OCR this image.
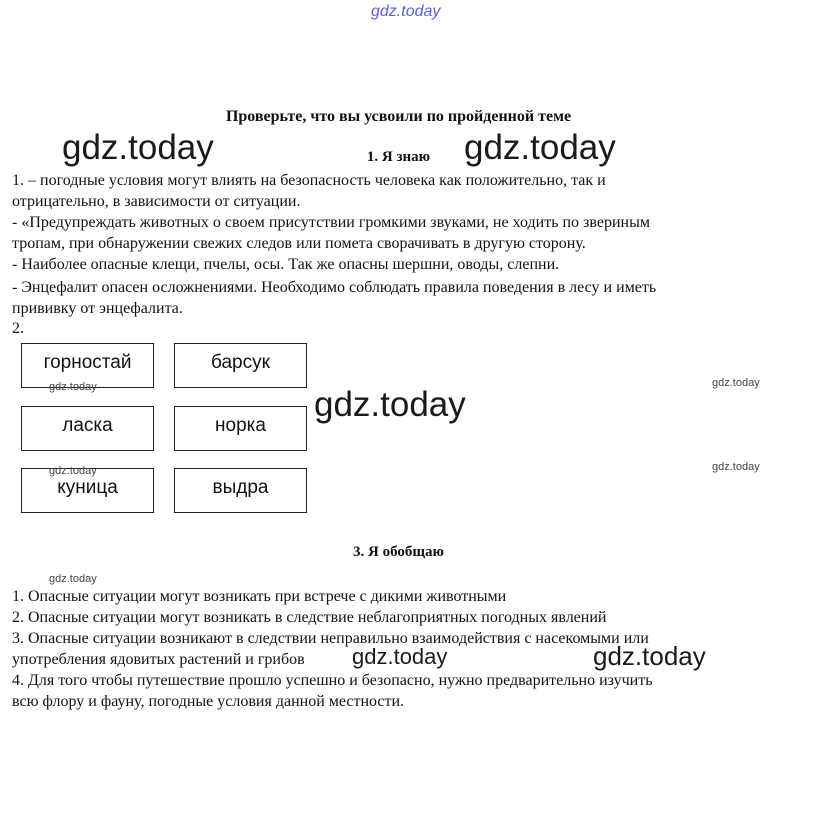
gdz.today
Проверьте, что вы усвоили по пройденной теме
1. Я знаю
1. – погодные условия могут влиять на безопасность человека как положительно, так и
отрицательно, в зависимости от ситуации.
- «Предупреждать животных о своем присутствии громкими звуками, не ходить по звериным
тропам, при обнаружении свежих следов или помета сворачивать в другую сторону.
- Наиболее опасные клещи, пчелы, осы. Так же опасны шершни, оводы, слепни.
- Энцефалит опасен осложнениями. Необходимо соблюдать правила поведения в лесу и иметь
прививку от энцефалита.
2.
горностай	барсук
ласка	норка
куница	выдра
3. Я обобщаю
1. Опасные ситуации могут возникать при встрече с дикими животными
2. Опасные ситуации могут возникать в следствие неблагоприятных погодных явлений
3. Опасные ситуации возникают в следствии неправильно взаимодействия с насекомыми или
употребления ядовитых растений и грибов
4. Для того чтобы путешествие прошло успешно и безопасно, нужно предварительно изучить
всю флору и фауну, погодные условия данной местности.
gdz.today	gdz.today
gdz.today
gdz.today	gdz.today
gdz.today	gdz.today
gdz.today
gdz.today	gdz.today
